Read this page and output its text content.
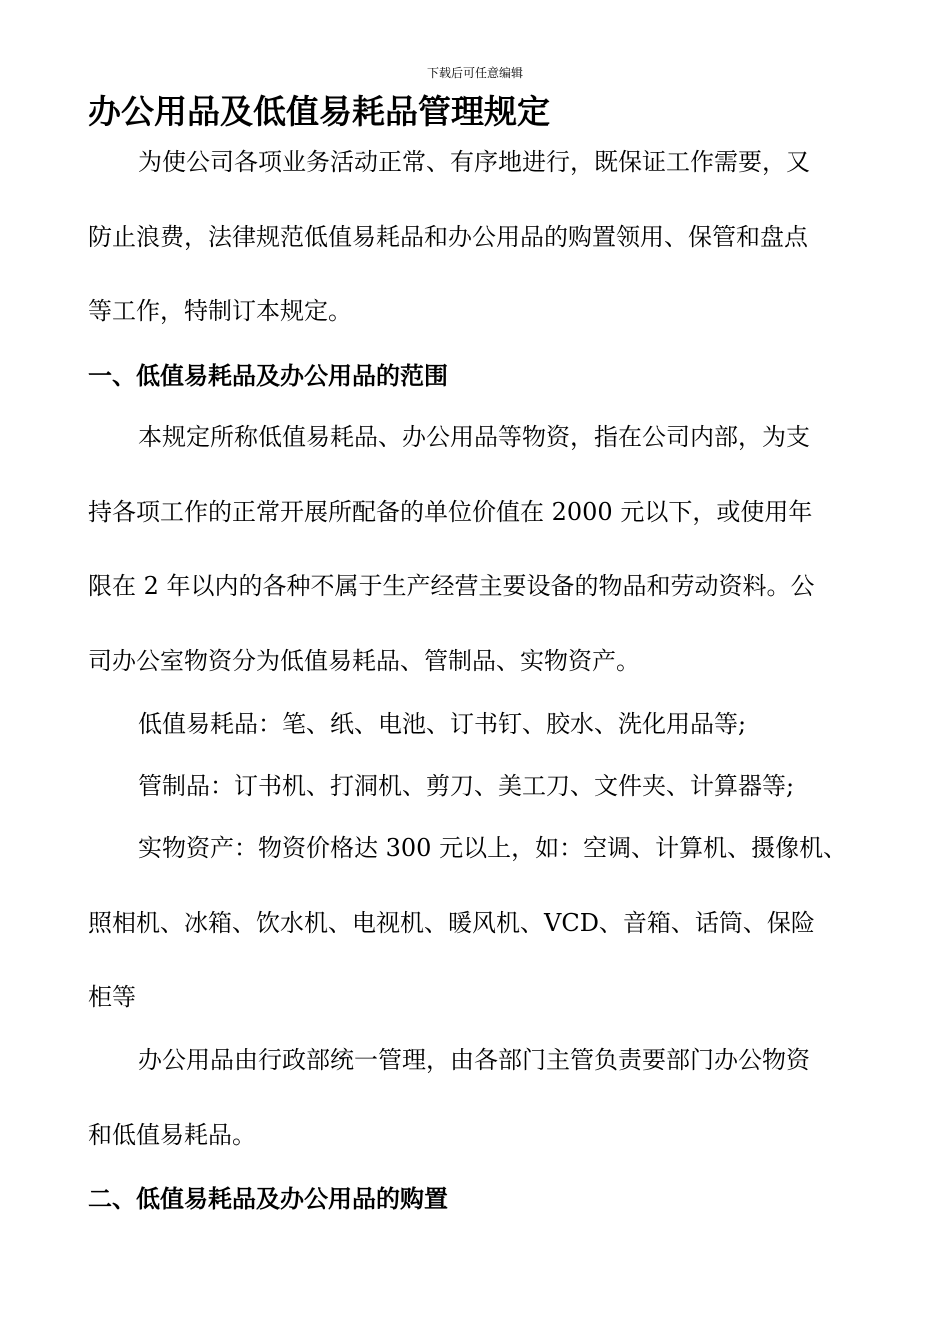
下载后可任意编辑
办公用品及低值易耗品管理规定
为使公司各项业务活动正常、有序地进行，既保证工作需要，又
防止浪费，法律规范低值易耗品和办公用品的购置领用、保管和盘点
等工作，特制订本规定。
一、低值易耗品及办公用品的范围
本规定所称低值易耗品、办公用品等物资，指在公司内部，为支
持各项工作的正常开展所配备的单位价值在 2000 元以下，或使用年
限在 2 年以内的各种不属于生产经营主要设备的物品和劳动资料。公
司办公室物资分为低值易耗品、管制品、实物资产。
低值易耗品：笔、纸、电池、订书钉、胶水、洗化用品等;
管制品：订书机、打洞机、剪刀、美工刀、文件夹、计算器等;
实物资产：物资价格达 300 元以上，如：空调、计算机、摄像机、
照相机、冰箱、饮水机、电视机、暖风机、VCD、音箱、话筒、保险
柜等
办公用品由行政部统一管理，由各部门主管负责要部门办公物资
和低值易耗品。
二、低值易耗品及办公用品的购置
